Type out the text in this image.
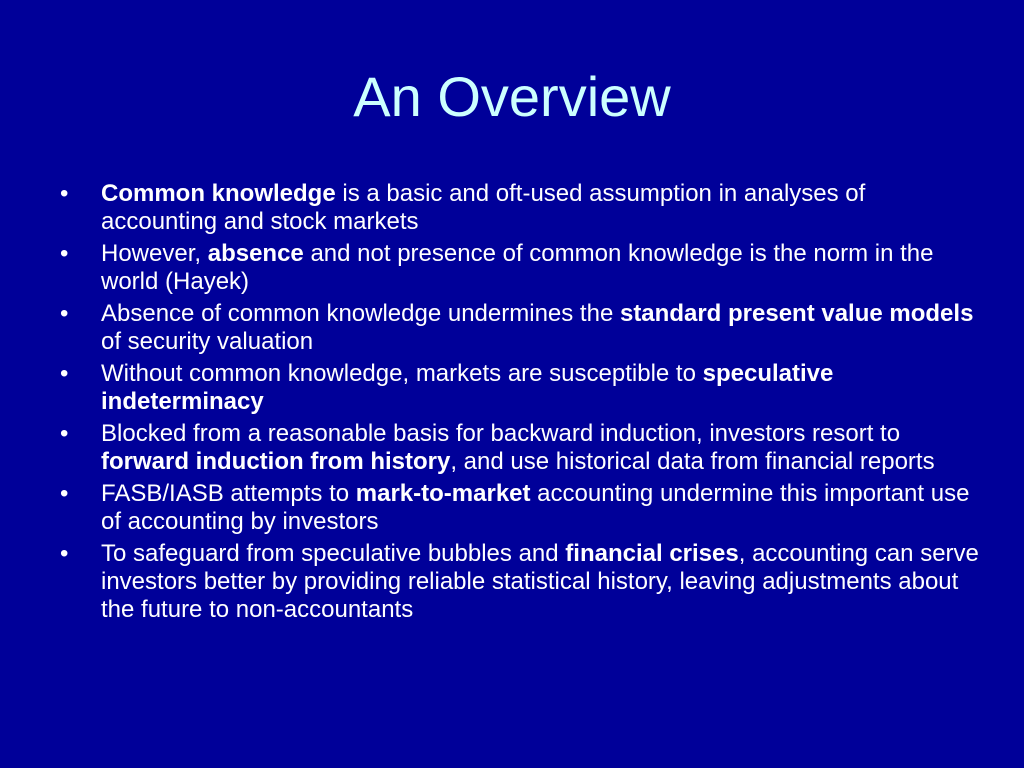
An Overview
•	Common knowledge is a basic and oft-used assumption in analyses of accounting and stock markets
•	However, absence and not presence of common knowledge is the norm in the world (Hayek)
•	Absence of common knowledge undermines the standard present value models of security valuation
•	Without common knowledge, markets are susceptible to speculative indeterminacy
•	Blocked from a reasonable basis for backward induction, investors resort to forward induction from history, and use historical data from financial reports
•	FASB/IASB attempts to mark-to-market accounting undermine this important use of accounting by investors
•	To safeguard from speculative bubbles and financial crises, accounting can serve investors better by providing reliable statistical history, leaving adjustments about the future to non-accountants
